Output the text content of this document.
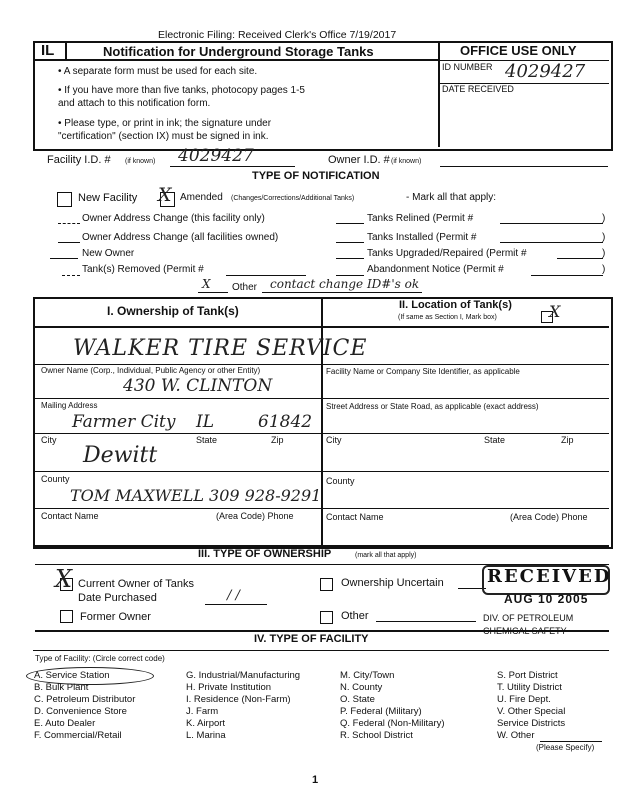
Electronic Filing: Received Clerk's Office 7/19/2017
IL	Notification for Underground Storage Tanks	OFFICE USE ONLY
ID NUMBER 4029427
DATE RECEIVED
• A separate form must be used for each site.
• If you have more than five tanks, photocopy pages 1-5
and attach to this notification form.
• Please type, or print in ink; the signature under
"certification" (section IX) must be signed in ink.
Facility I.D. # (if known) 4029427	Owner I.D. # (if known)
TYPE OF NOTIFICATION
New Facility X Amended (Changes/Corrections/Additional Tanks)	- Mark all that apply:
Owner Address Change (this facility only)
Owner Address Change (all facilities owned)
New Owner
Tank(s) Removed (Permit #
Tanks Relined (Permit #	)
Tanks Installed (Permit #	)
Tanks Upgraded/Repaired (Permit #	)
Abandonment Notice (Permit #	)
X Other contact change ID#'s ok
I. Ownership of Tank(s)	II. Location of Tank(s)
(If same as Section I, Mark box)	X
WALKER TIRE SERVICE
Owner Name (Corp., Individual, Public Agency or other Entity)
430 W. CLINTON
Mailing Address
Farmer City IL	61842
City	State	Zip
Dewitt
County
TOM MAXWELL 309 928-9291
Contact Name	(Area Code) Phone
Facility Name or Company Site Identifier, as applicable
Street Address or State Road, as applicable (exact address)
City	State	Zip
County
Contact Name	(Area Code) Phone
III. TYPE OF OWNERSHIP	(mark all that apply)
X Current Owner of Tanks
Date Purchased	/ /
Former Owner
Ownership Uncertain
Other
RECEIVED
AUG 10 2005
DIV. OF PETROLEUM
CHEMICAL SAFETY
IV. TYPE OF FACILITY
Type of Facility: (Circle correct code)
A. Service Station
B. Bulk Plant
C. Petroleum Distributor
D. Convenience Store
E. Auto Dealer
F. Commercial/Retail
G. Industrial/Manufacturing
H. Private Institution
I. Residence (Non-Farm)
J. Farm
K. Airport
L. Marina
M. City/Town
N. County
O. State
P. Federal (Military)
Q. Federal (Non-Military)
R. School District
S. Port District
T. Utility District
U. Fire Dept.
V. Other Special
Service Districts
W. Other
(Please Specify)
1
